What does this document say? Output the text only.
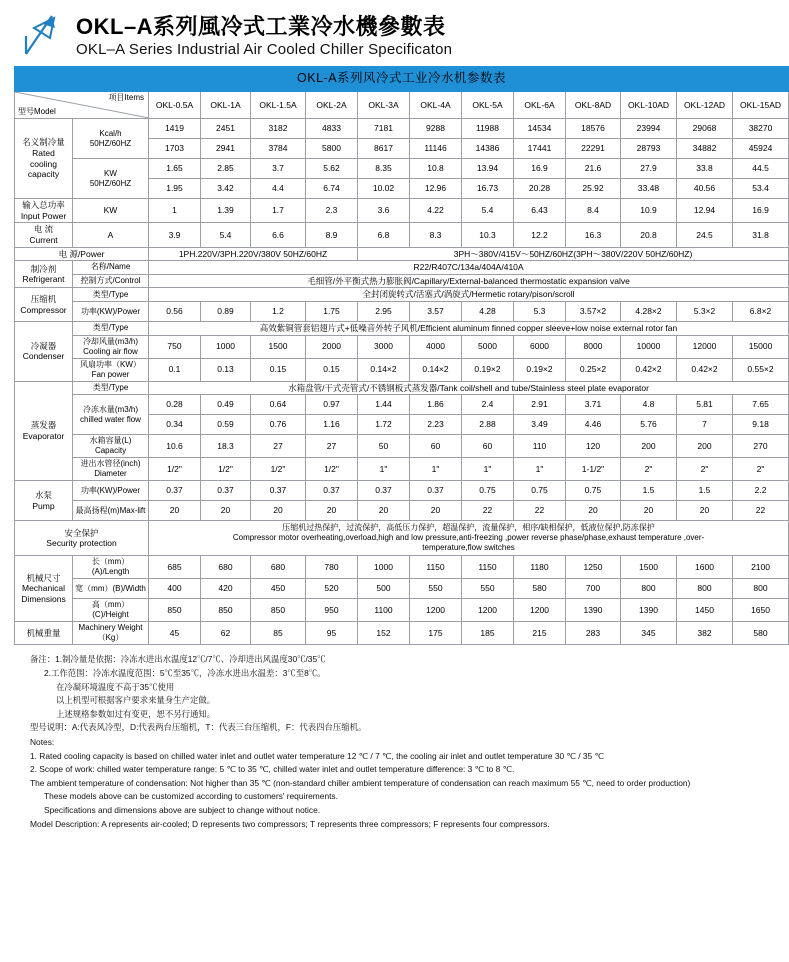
OKL–A系列風冷式工業冷水機參數表
OKL–A Series Industrial Air Cooled Chiller Specificaton
OKL-A系列风冷式工业冷水机参数表													

型号Model
项目Items		OKL-0.5A	OKL-1A	OKL-1.5A	OKL-2A	OKL-3A	OKL-4A	OKL-5A	OKL-6A	OKL-8AD	OKL-10AD	OKL-12AD	OKL-15AD

名义制冷量
Rated
cooling
capacity

Kcal/h
50HZ/60HZ
	1419	2451	3182	4833	7181	9288	11988	14534	18576	23994	29068	38270
		1703	2941	3784	5800	8617	11146	14386	17441	22291	28793	34882	45924

	KW
50HZ/60HZ	1.65	2.85	3.7	5.62	8.35	10.8	13.94	16.9	21.6	27.9	33.8	44.5
		1.95	3.42	4.4	6.74	10.02	12.96	16.73	20.28	25.92	33.48	40.56	53.4

输入总功率
Input Power	KW	1	1.39	1.7	2.3	3.6	4.22	5.4	6.43	8.4	10.9	12.94	16.9

电 流
Current	A	3.9	5.4	6.6	8.9	6.8	8.3	10.3	12.2	16.3	20.8	24.5	31.8
电 源/Power		1PH.220V/3PH.220V/380V 50HZ/60HZ				3PH～380V/415V～50HZ/60HZ(3PH～380V/220V 50HZ/60HZ)							

制冷剂
Refrigerant	名称/Name	R22/R407C/134a/404A/410A											
	控制方式/Control	毛细管/外平衡式热力膨胀阀/Capillary/External-balanced thermostatic expansion valve											

压缩机
Compressor	类型/Type	全封闭旋转式/活塞式/涡旋式/Hermetic rotary/pison/scroll											
	功率(KW)/Power	0.56	0.89	1.2	1.75	2.95	3.57	4.28	5.3	3.57×2	4.28×2	5.3×2	6.8×2

冷凝器
Condenser	类型/Type	高效紫铜管套铝翅片式+低噪音外转子风机/Efficient aluminum finned copper sleeve+low noise external rotor fan											

	冷却风量(m3/h)
Cooling air flow	750	1000	1500	2000	3000	4000	5000	6000	8000	10000	12000	15000

	风扇功率（KW）
Fan power	0.1	0.13	0.15	0.15	0.14×2	0.14×2	0.19×2	0.19×2	0.25×2	0.42×2	0.42×2	0.55×2

蒸发器
Evaporator	类型/Type	水箱盘管/干式壳管式/不锈钢板式蒸发器/Tank coil/shell and tube/Stainless steel plate evaporator											

	冷冻水量(m3/h)
chilled water flow	0.28	0.49	0.64	0.97	1.44	1.86	2.4	2.91	3.71	4.8	5.81	7.65
		0.34	0.59	0.76	1.16	1.72	2.23	2.88	3.49	4.46	5.76	7	9.18

	水箱容量(L)
Capacity	10.6	18.3	27	27	50	60	60	110	120	200	200	270

	进出水管径(inch)
Diameter	1/2"	1/2"	1/2"	1/2"	1"	1"	1"	1"	1-1/2"	2"	2"	2"

水泵
Pump	功率(KW)/Power	0.37	0.37	0.37	0.37	0.37	0.37	0.75	0.75	0.75	1.5	1.5	2.2
	最高扬程(m)Max-lift	20	20	20	20	20	20	22	22	20	20	20	22

安全保护
Security protection

压缩机过热保护，过流保护，高低压力保护，超温保护，流量保护，相序/缺相保护，低液位保护,防冻保护
Compressor motor overheating,overload,high and low pressure,anti-freezing ,power reverse phase/phase,exhaust temperature ,over-
temperature,flow switches

机械尺寸
Mechanical
Dimensions	长（mm）(A)/Length	685	680	680	780	1000	1150	1150	1180	1250	1500	1600	2100
	宽（mm）(B)/Width	400	420	450	520	500	550	550	580	700	800	800	800
	高（mm）(C)/Height	850	850	850	950	1100	1200	1200	1200	1390	1390	1450	1650
机械重量	Machinery Weight
（Kg）	45	62	85	95	152	175	185	215	283	345	382	580
备注：1.制冷量是依据：冷冻水进出水温度12℃/7℃、冷却进出风温度30℃/35℃
2.工作范围：冷冻水温度范围：5℃至35℃，冷冻水进出水温差：3℃至8℃。
在冷凝环境温度不高于35℃使用
以上机型可根据客户要求来量身生产定做。
上述规格参数如过有变更，恕不另行通知。
型号说明：A:代表风冷型，D:代表两台压缩机，T：代表三台压缩机，F：代表四台压缩机。
Notes:
1. Rated cooling capacity is based on chilled water inlet and outlet water temperature 12 ℃ / 7 ℃, the cooling air inlet and outlet temperature 30 ℃ / 35 ℃
2. Scope of work: chilled water temperature range: 5 ℃ to 35 ℃, chilled water inlet and outlet temperature difference: 3 ℃ to 8 ℃.
The ambient temperature of condensation: Not higher than 35 ℃ (non-standard chiller ambient temperature of condensation can reach maximum 55 ℃, need to order production)
These models above can be customized according to customers' requirements.
Specifications and dimensions above are subject to change without notice.
Model Description: A represents air-cooled; D represents two compressors; T represents three compressors; F represents four compressors.
